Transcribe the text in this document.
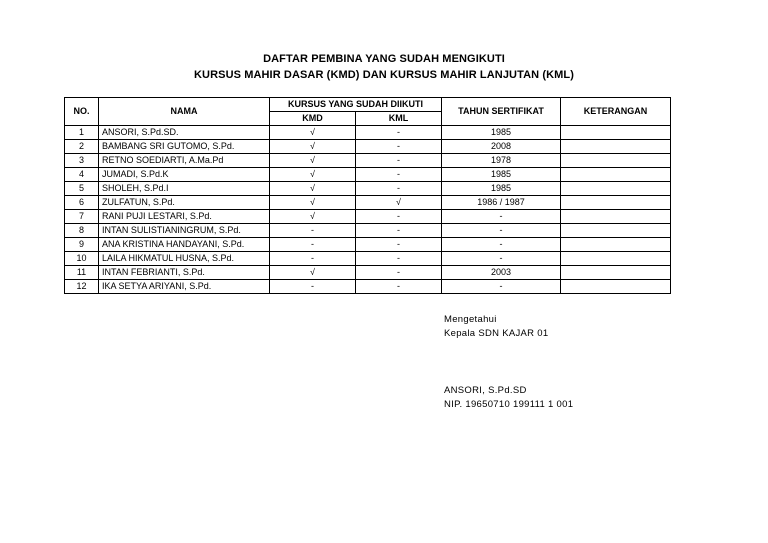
DAFTAR PEMBINA YANG SUDAH MENGIKUTI
KURSUS MAHIR DASAR (KMD) DAN KURSUS MAHIR LANJUTAN (KML)
NO.	NAMA	KURSUS YANG SUDAH DIIKUTI		TAHUN SERTIFIKAT	KETERANGAN
		KMD	KML		
1	ANSORI, S.Pd.SD.	√	-	1985	
2	BAMBANG SRI GUTOMO, S.Pd.	√	-	2008	
3	RETNO SOEDIARTI, A.Ma.Pd	√	-	1978	
4	JUMADI, S.Pd.K	√	-	1985	
5	SHOLEH, S.Pd.I	√	-	1985	
6	ZULFATUN, S.Pd.	√	√	1986 / 1987	
7	RANI PUJI LESTARI, S.Pd.	√	-	-	
8	INTAN SULISTIANINGRUM, S.Pd.	-	-	-	
9	ANA KRISTINA HANDAYANI, S.Pd.	-	-	-	
10	LAILA HIKMATUL HUSNA, S.Pd.	-	-	-	
11	INTAN FEBRIANTI, S.Pd.	√	-	2003	
12	IKA SETYA ARIYANI, S.Pd.	-	-	-	
Mengetahui
Kepala SDN KAJAR 01
ANSORI, S.Pd.SD
NIP. 19650710 199111 1 001
